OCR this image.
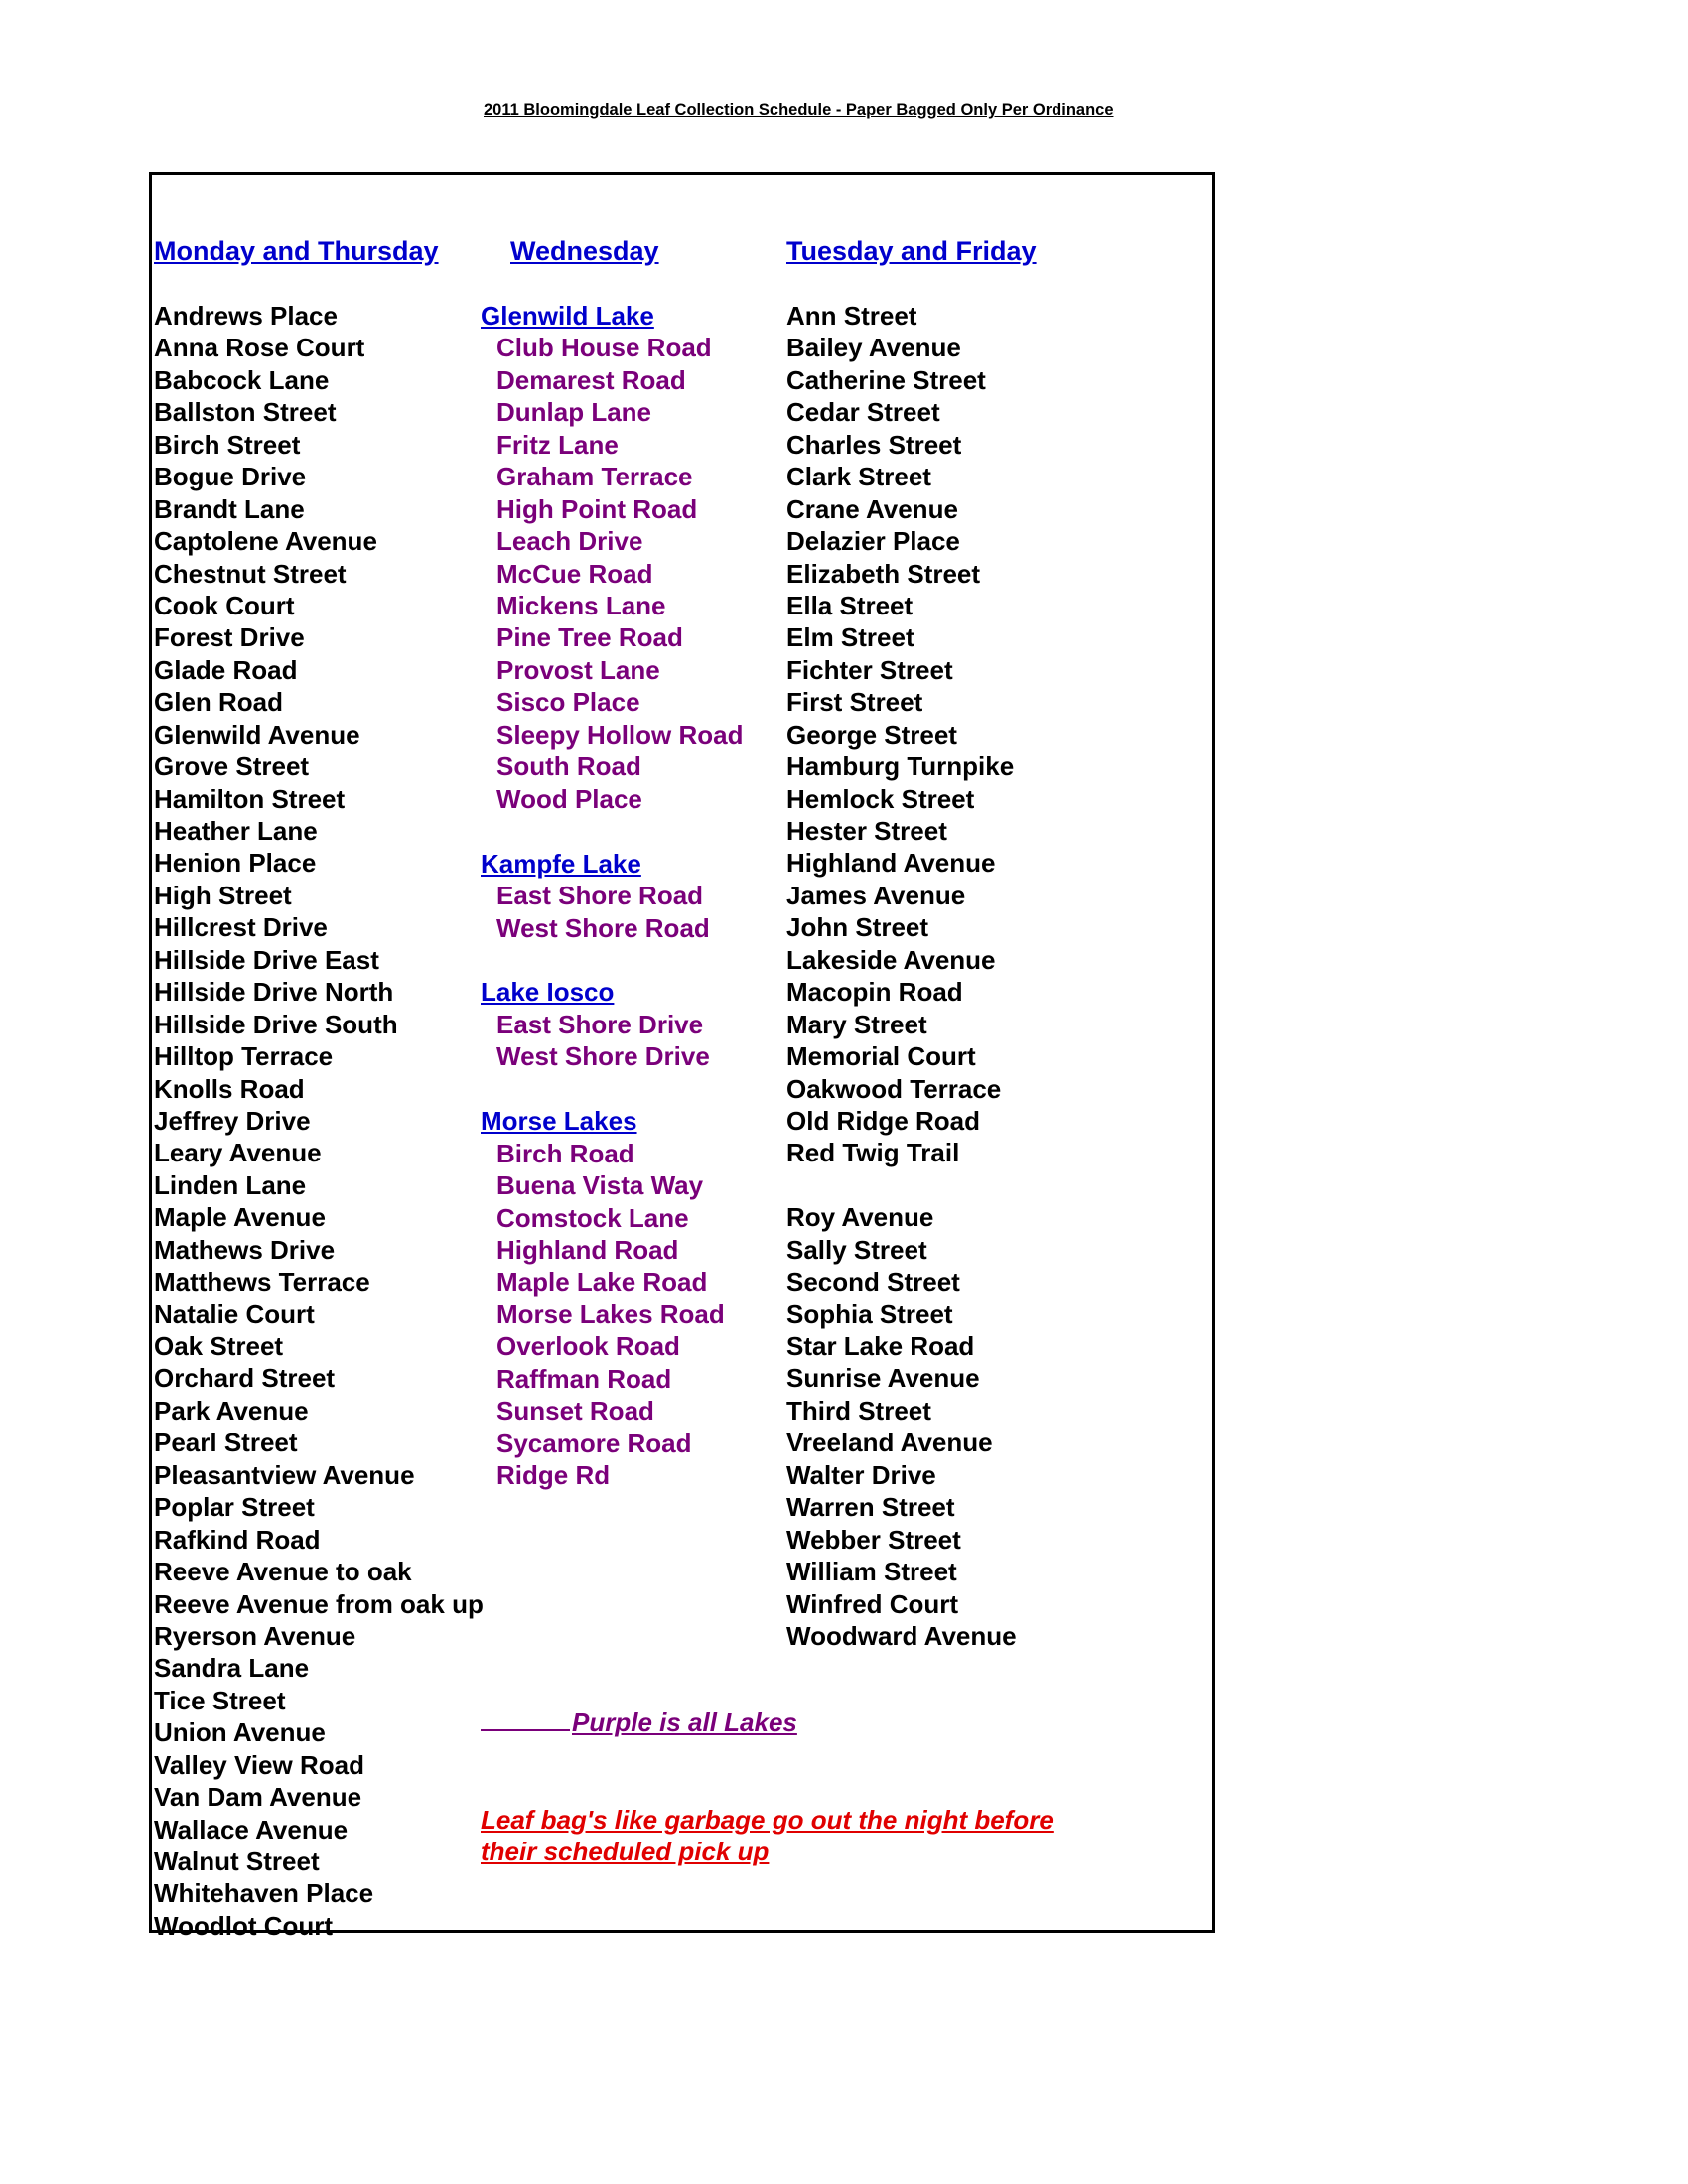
2011 Bloomingdale Leaf Collection Schedule - Paper Bagged Only Per Ordinance
Monday and Thursday	Wednesday	Tuesday and Friday
Andrews Place
Anna Rose Court
Babcock Lane
Ballston Street
Birch Street
Bogue Drive
Brandt Lane
Captolene Avenue
Chestnut Street
Cook Court
Forest Drive
Glade Road
Glen Road
Glenwild Avenue
Grove Street
Hamilton Street
Heather Lane
Henion Place
High Street
Hillcrest Drive
Hillside Drive East
Hillside Drive North
Hillside Drive South
Hilltop Terrace
Knolls Road
Jeffrey Drive
Leary Avenue
Linden Lane
Maple Avenue
Mathews Drive
Matthews Terrace
Natalie Court
Oak Street
Orchard Street
Park Avenue
Pearl Street
Pleasantview Avenue
Poplar Street
Rafkind Road
Reeve Avenue to oak
Reeve Avenue from oak up
Ryerson Avenue
Sandra Lane
Tice Street
Union Avenue
Valley View Road
Van Dam Avenue
Wallace Avenue
Walnut Street
Whitehaven Place
Woodlot Court
Ann Street
Bailey Avenue
Catherine Street
Cedar Street
Charles Street
Clark Street
Crane Avenue
Delazier Place
Elizabeth Street
Ella Street
Elm Street
Fichter Street
First Street
George Street
Hamburg Turnpike
Hemlock Street
Hester Street
Highland Avenue
James Avenue
John Street
Lakeside Avenue
Macopin Road
Mary Street
Memorial Court
Oakwood Terrace
Old Ridge Road
Red Twig Trail
Roy Avenue
Sally Street
Second Street
Sophia Street
Star Lake Road
Sunrise Avenue
Third Street
Vreeland Avenue
Walter Drive
Warren Street
Webber Street
William Street
Winfred Court
Woodward Avenue
Glenwild Lake
Club House Road
Demarest Road
Dunlap Lane
Fritz Lane
Graham Terrace
High Point Road
Leach Drive
McCue Road
Mickens Lane
Pine Tree Road
Provost Lane
Sisco Place
Sleepy Hollow Road
South Road
Wood Place
Kampfe Lake
East Shore Road
West Shore Road
Lake Iosco
East Shore Drive
West Shore Drive
Morse Lakes
Birch Road
Buena Vista Way
Comstock Lane
Highland Road
Maple Lake Road
Morse Lakes Road
Overlook Road
Raffman Road
Sunset Road
Sycamore Road
Ridge Rd
Purple is all Lakes
Leaf bag's like garbage go out the night before
their scheduled pick up
